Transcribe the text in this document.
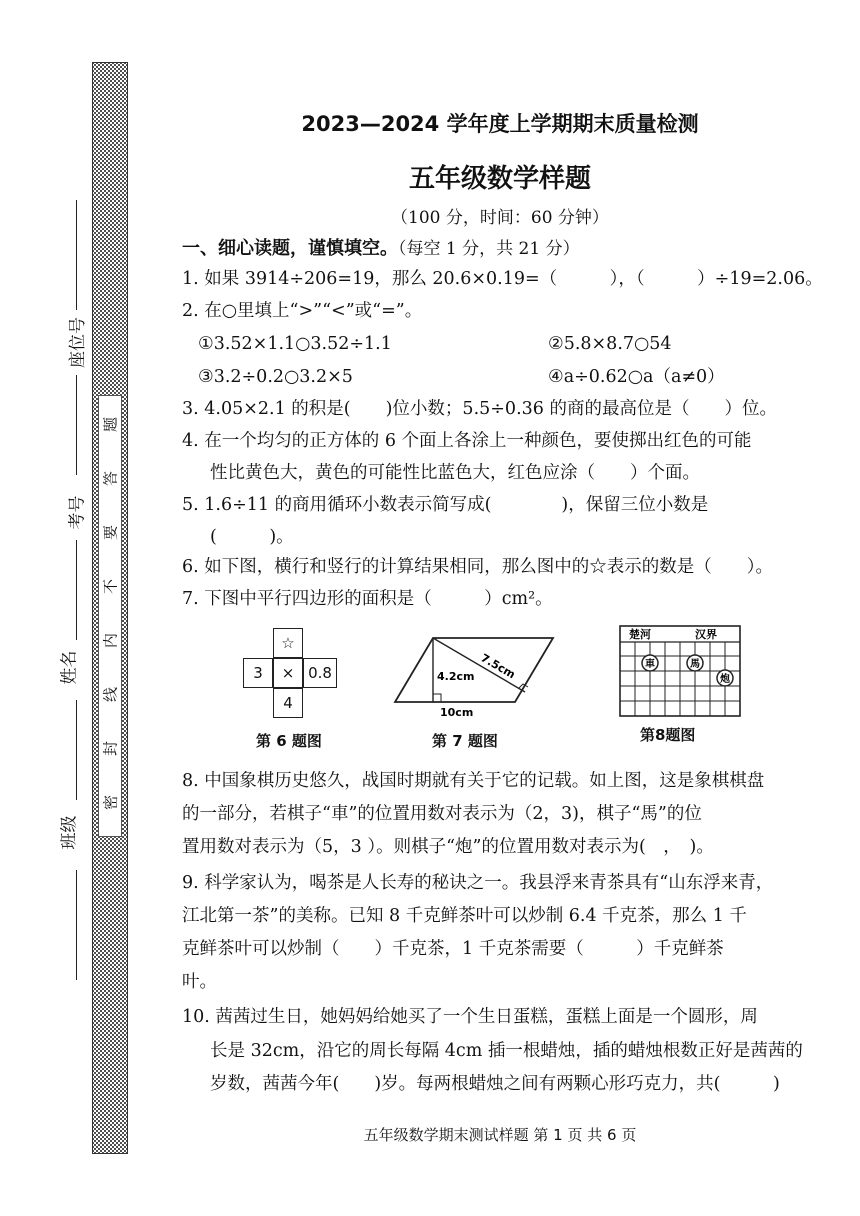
题
答
要
不
内
线
封
密
座位号
考号
姓名
班级
2023—2024 学年度上学期期末质量检测
五年级数学样题
（100 分，时间：60 分钟）
一、细心读题，谨慎填空。（每空 1 分，共 21 分）
1. 如果 3914÷206=19，那么 20.6×0.19=（　　　），（　　　）÷19=2.06。
2. 在○里填上“>”“<”或“=”。
①3.52×1.1○3.52÷1.1	②5.8×8.7○54
③3.2÷0.2○3.2×5	④a÷0.62○a（a≠0）
3. 4.05×2.1 的积是(　　)位小数；5.5÷0.36 的商的最高位是（　　）位。
4. 在一个均匀的正方体的 6 个面上各涂上一种颜色，要使掷出红色的可能
性比黄色大，黄色的可能性比蓝色大，红色应涂（　　）个面。
5. 1.6÷11 的商用循环小数表示简写成(　　　　)，保留三位小数是
(　　　)。
6. 如下图，横行和竖行的计算结果相同，那么图中的☆表示的数是（　　）。
7. 下图中平行四边形的面积是（　　　）cm²。
☆
3	× 0.8
4
第 6 题图
4.2cm 7.5cm
10cm
第 7 题图
楚河	汉界
車	馬
炮
第8题图
8. 中国象棋历史悠久，战国时期就有关于它的记载。如上图，这是象棋棋盘
的一部分，若棋子“車”的位置用数对表示为（2，3)，棋子“馬”的位
置用数对表示为（5，3 ）。则棋子“炮”的位置用数对表示为(　，　)。
9. 科学家认为，喝茶是人长寿的秘诀之一。我县浮来青茶具有“山东浮来青，
江北第一茶”的美称。已知 8 千克鲜茶叶可以炒制 6.4 千克茶，那么 1 千
克鲜茶叶可以炒制（　　）千克茶，1 千克茶需要（　　　）千克鲜茶
叶。
10. 茜茜过生日，她妈妈给她买了一个生日蛋糕，蛋糕上面是一个圆形，周
长是 32cm，沿它的周长每隔 4cm 插一根蜡烛，插的蜡烛根数正好是茜茜的
岁数，茜茜今年(　　)岁。每两根蜡烛之间有两颗心形巧克力，共(　　　)
五年级数学期末测试样题 第 1 页 共 6 页
